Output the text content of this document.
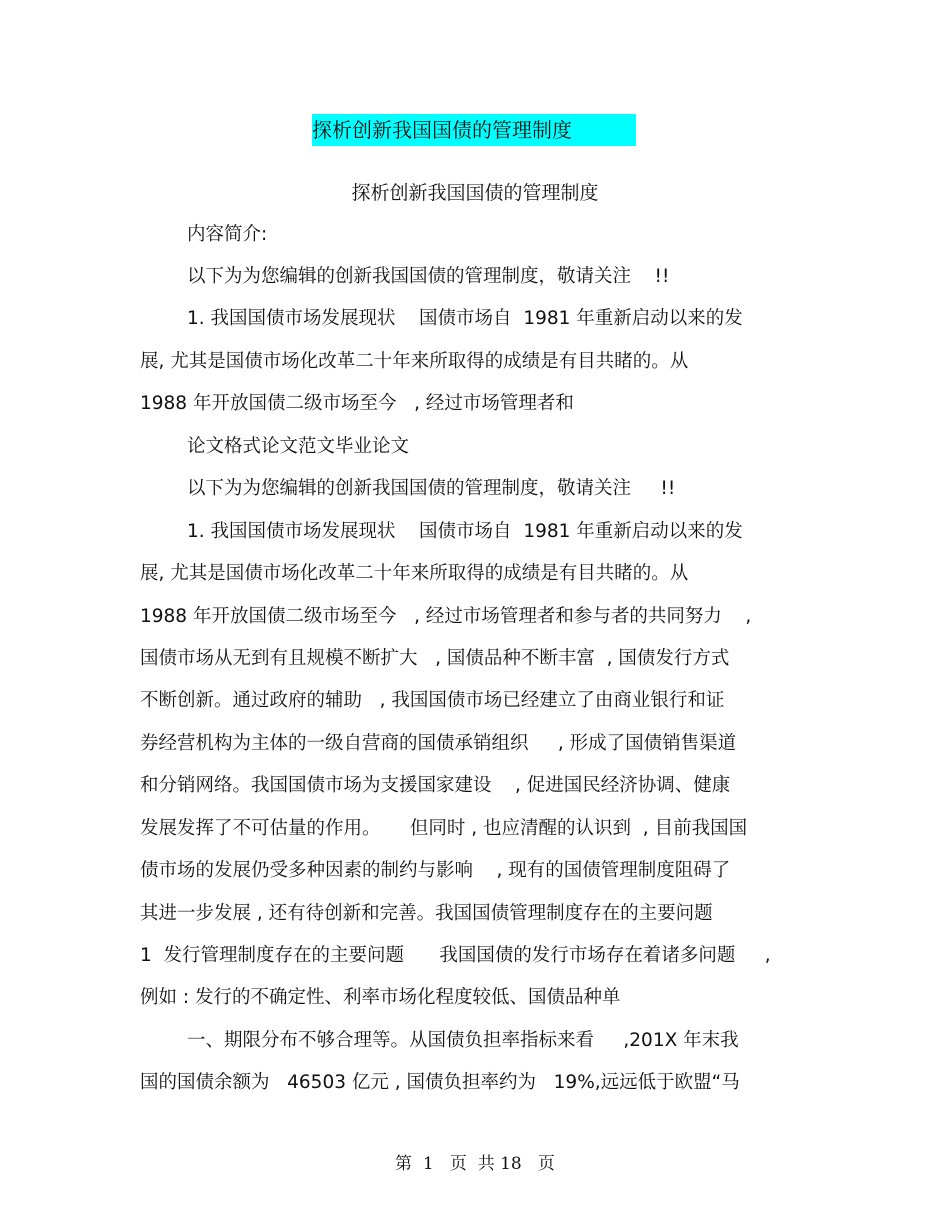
探析创新我国国债的管理制度
探析创新我国国债的管理制度
内容简介:
以下为为您编辑的创新我国国债的管理制度，敬请关注    !!
1. 我国国债市场发展现状    国债市场自  1981 年重新启动以来的发
展, 尤其是国债市场化改革二十年来所取得的成绩是有目共睹的。从
1988 年开放国债二级市场至今   , 经过市场管理者和
论文格式论文范文毕业论文
以下为为您编辑的创新我国国债的管理制度，敬请关注     !!
1. 我国国债市场发展现状    国债市场自  1981 年重新启动以来的发
展, 尤其是国债市场化改革二十年来所取得的成绩是有目共睹的。从
1988 年开放国债二级市场至今   , 经过市场管理者和参与者的共同努力    ,
国债市场从无到有且规模不断扩大   , 国债品种不断丰富  , 国债发行方式
不断创新。通过政府的辅助   , 我国国债市场已经建立了由商业银行和证
券经营机构为主体的一级自营商的国债承销组织     , 形成了国债销售渠道
和分销网络。我国国债市场为支援国家建设    , 促进国民经济协调、健康
发展发挥了不可估量的作用。     但同时 , 也应清醒的认识到  , 目前我国国
债市场的发展仍受多种因素的制约与影响    , 现有的国债管理制度阻碍了
其进一步发展 , 还有待创新和完善。我国国债管理制度存在的主要问题
1  发行管理制度存在的主要问题      我国国债的发行市场存在着诸多问题     ,
例如 : 发行的不确定性、利率市场化程度较低、国债品种单
一、期限分布不够合理等。从国债负担率指标来看     ,201X 年末我
国的国债余额为   46503 亿元 , 国债负担率约为   19%,远远低于欧盟“马
第  1   页  共 18   页
